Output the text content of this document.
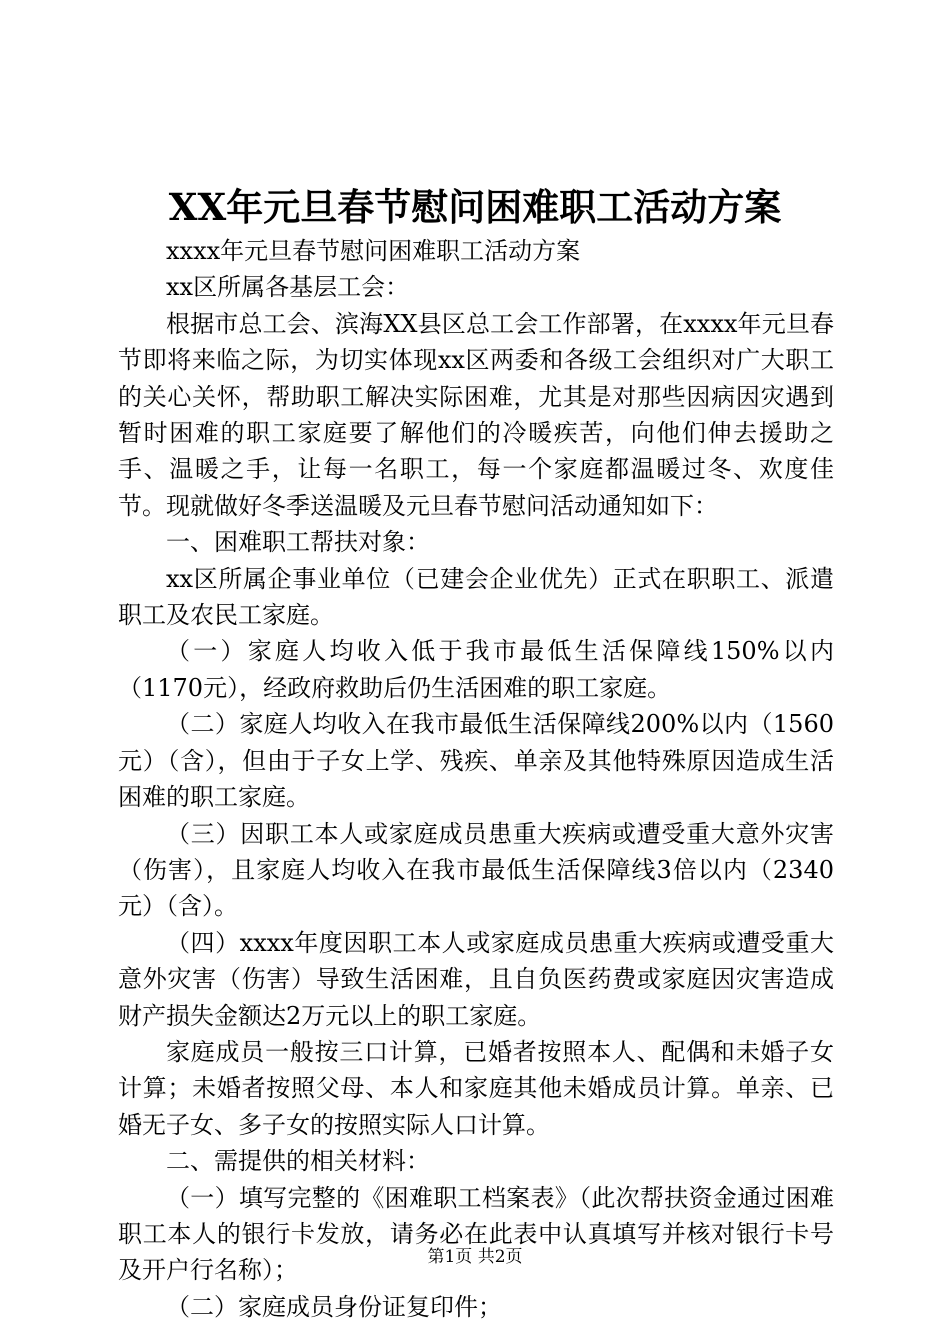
XX年元旦春节慰问困难职工活动方案

xxxx年元旦春节慰问困难职工活动方案

xx区所属各基层工会：

根据市总工会、滨海XX县区总工会工作部署，在xxxx年元旦春节即将来临之际，为切实体现xx区两委和各级工会组织对广大职工的关心关怀，帮助职工解决实际困难，尤其是对那些因病因灾遇到暂时困难的职工家庭要了解他们的冷暖疾苦，向他们伸去援助之手、温暖之手，让每一名职工，每一个家庭都温暖过冬、欢度佳节。现就做好冬季送温暖及元旦春节慰问活动通知如下：

一、困难职工帮扶对象：

xx区所属企事业单位（已建会企业优先）正式在职职工、派遣职工及农民工家庭。

（一）家庭人均收入低于我市最低生活保障线150%以内（1170元），经政府救助后仍生活困难的职工家庭。

（二）家庭人均收入在我市最低生活保障线200%以内（1560元）（含），但由于子女上学、残疾、单亲及其他特殊原因造成生活困难的职工家庭。

（三）因职工本人或家庭成员患重大疾病或遭受重大意外灾害（伤害），且家庭人均收入在我市最低生活保障线3倍以内（2340元）（含）。

（四）xxxx年度因职工本人或家庭成员患重大疾病或遭受重大意外灾害（伤害）导致生活困难，且自负医药费或家庭因灾害造成财产损失金额达2万元以上的职工家庭。

家庭成员一般按三口计算，已婚者按照本人、配偶和未婚子女计算；未婚者按照父母、本人和家庭其他未婚成员计算。单亲、已婚无子女、多子女的按照实际人口计算。

二、需提供的相关材料：

（一）填写完整的《困难职工档案表》（此次帮扶资金通过困难职工本人的银行卡发放，请务必在此表中认真填写并核对银行卡号及开户行名称）；

（二）家庭成员身份证复印件；

第1页 共2页
